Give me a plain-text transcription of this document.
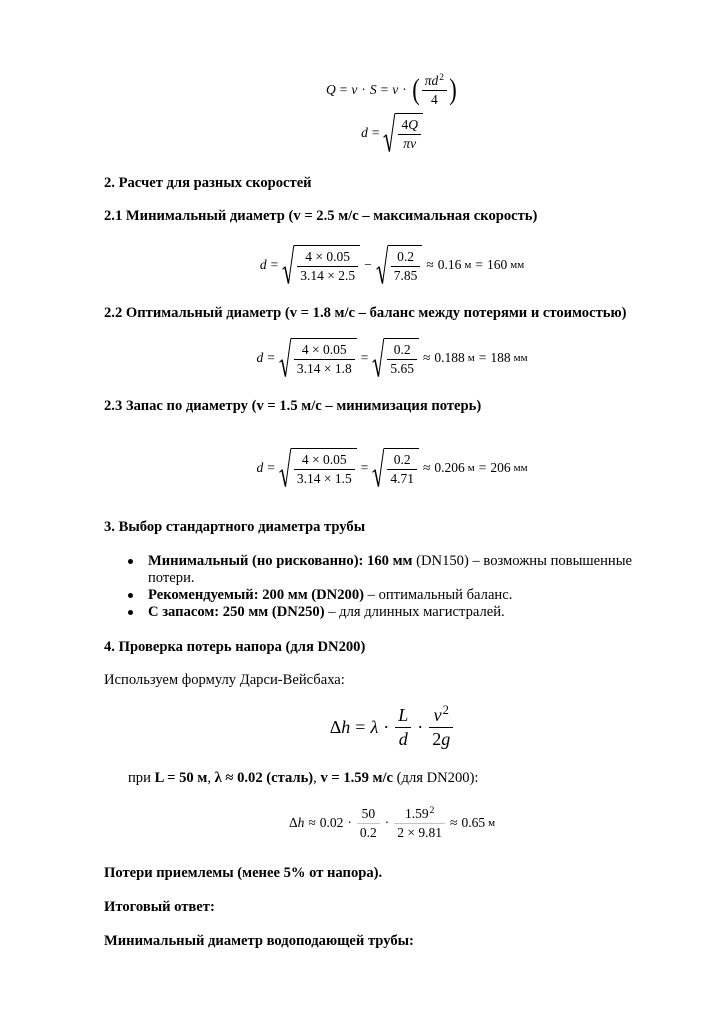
Q = v · S = v · ( $\frac{\pi d^2}{4}$ )
$d = \frac{4Q}{\pi v}$
2. Расчет для разных скоростей
2.1 Минимальный диаметр (v = 2.5 м/с – максимальная скорость)
$d = \frac{4 \times 0.05}{3.14 \times 2.5} - \frac{0.2}{7.85} \approx 0.16$ м = 160 мм
2.2 Оптимальный диаметр (v = 1.8 м/с – баланс между потерями и стоимостью)
$d = \frac{4 \times 0.05}{3.14 \times 1.8} = \frac{0.2}{5.65} \approx 0.188$ м = 188 мм
2.3 Запас по диаметру (v = 1.5 м/с – минимизация потерь)
$d = \frac{4 \times 0.05}{3.14 \times 1.5} = \frac{0.2}{4.71} \approx 0.206$ м = 206 мм
3. Выбор стандартного диаметра трубы
Минимальный (но рискованно): 160 мм (DN150) – возможны повышенные потери.
Рекомендуемый: 200 мм (DN200) – оптимальный баланс.
С запасом: 250 мм (DN250) – для длинных магистралей.
4. Проверка потерь напора (для DN200)
Используем формулу Дарси-Вейсбаха:
Δ $h = \lambda \cdot \frac{L}{d} \cdot \frac{v^2}{2g}$
при L = 50 м, λ ≈ 0.02 (сталь), v = 1.59 м/с (для DN200):
Δ $h \approx 0.02 \cdot \frac{50}{0.2} \cdot \frac{1.59^2}{2 \times 9.81} \approx 0.65$ м
Потери приемлемы (менее 5% от напора).
Итоговый ответ:
Минимальный диаметр водоподающей трубы:
